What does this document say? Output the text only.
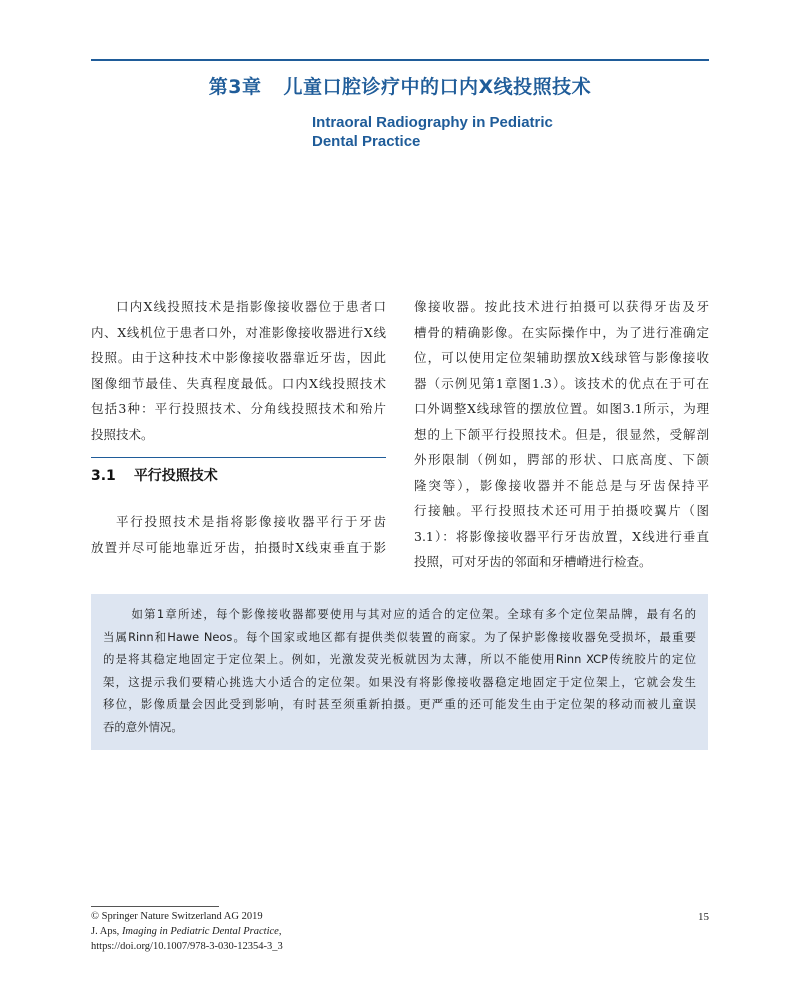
第3章 儿童口腔诊疗中的口内X线投照技术
Intraoral Radiography in Pediatric
Dental Practice
口内X线投照技术是指影像接收器位于患者口
内、X线机位于患者口外，对准影像接收器进行X线
投照。由于这种技术中影像接收器靠近牙齿，因此
图像细节最佳、失真程度最低。口内X线投照技术
包括3种：平行投照技术、分角线投照技术和殆片
投照技术。
3.1 平行投照技术
平行投照技术是指将影像接收器平行于牙齿
放置并尽可能地靠近牙齿，拍摄时X线束垂直于影
像接收器。按此技术进行拍摄可以获得牙齿及牙
槽骨的精确影像。在实际操作中，为了进行准确定
位，可以使用定位架辅助摆放X线球管与影像接收
器（示例见第1章图1.3）。该技术的优点在于可在
口外调整X线球管的摆放位置。如图3.1所示，为理
想的上下颌平行投照技术。但是，很显然，受解剖
外形限制（例如，腭部的形状、口底高度、下颌
隆突等），影像接收器并不能总是与牙齿保持平
行接触。平行投照技术还可用于拍摄咬翼片（图
3.1）：将影像接收器平行牙齿放置，X线进行垂直
投照，可对牙齿的邻面和牙槽嵴进行检查。
如第1章所述，每个影像接收器都要使用与其对应的适合的定位架。全球有多个定位架品牌，最有名的
当属Rinn和Hawe Neos。每个国家或地区都有提供类似装置的商家。为了保护影像接收器免受损坏，最重要
的是将其稳定地固定于定位架上。例如，光激发荧光板就因为太薄，所以不能使用Rinn XCP传统胶片的定位
架，这提示我们要精心挑选大小适合的定位架。如果没有将影像接收器稳定地固定于定位架上，它就会发生
移位，影像质量会因此受到影响，有时甚至须重新拍摄。更严重的还可能发生由于定位架的移动而被儿童误
吞的意外情况。
© Springer Nature Switzerland AG 2019
J. Aps, Imaging in Pediatric Dental Practice,
https://doi.org/10.1007/978-3-030-12354-3_3
15
